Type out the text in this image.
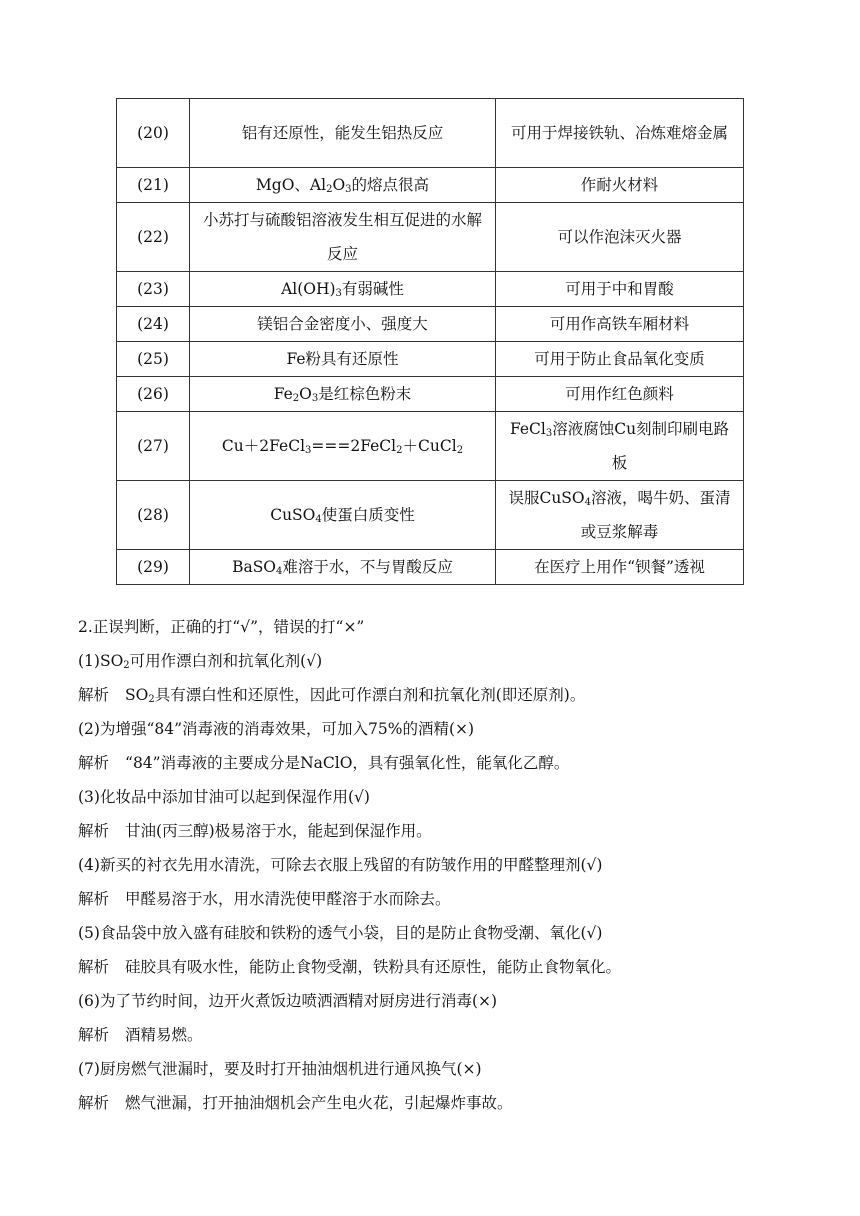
(20)	铝有还原性，能发生铝热反应	可用于焊接铁轨、冶炼难熔金属
(21)	MgO、$Al_2O_3$的熔点很高	作耐火材料
(22)	小苏打与硫酸铝溶液发生相互促进的水解反应	可以作泡沫灭火器
(23)	$Al(OH)_3$有弱碱性	可用于中和胃酸
(24)	镁铝合金密度小、强度大	可用作高铁车厢材料
(25)	Fe粉具有还原性	可用于防止食品氧化变质
(26)	$Fe_2O_3$是红棕色粉末	可用作红色颜料
(27)	Cu＋2FeCl$_3$===2FeCl$_2$＋CuCl$_2$	FeCl$_3$溶液腐蚀Cu刻制印刷电路板
(28)	CuSO$_4$使蛋白质变性	误服CuSO$_4$溶液，喝牛奶、蛋清或豆浆解毒
(29)	BaSO$_4$难溶于水，不与胃酸反应	在医疗上用作“钡餐”透视
2.正误判断，正确的打“√”，错误的打“×”
$(1)SO_2$可用作漂白剂和抗氧化剂(√)
解析 $SO_2$具有漂白性和还原性，因此可作漂白剂和抗氧化剂(即还原剂)。
(2)为增强“84”消毒液的消毒效果，可加入75%的酒精(×)
解析 “84”消毒液的主要成分是NaClO，具有强氧化性，能氧化乙醇。
(3)化妆品中添加甘油可以起到保湿作用(√)
解析 甘油(丙三醇)极易溶于水，能起到保湿作用。
(4)新买的衬衣先用水清洗，可除去衣服上残留的有防皱作用的甲醛整理剂(√)
解析 甲醛易溶于水，用水清洗使甲醛溶于水而除去。
(5)食品袋中放入盛有硅胶和铁粉的透气小袋，目的是防止食物受潮、氧化(√)
解析 硅胶具有吸水性，能防止食物受潮，铁粉具有还原性，能防止食物氧化。
(6)为了节约时间，边开火煮饭边喷洒酒精对厨房进行消毒(×)
解析 酒精易燃。
(7)厨房燃气泄漏时，要及时打开抽油烟机进行通风换气(×)
解析 燃气泄漏，打开抽油烟机会产生电火花，引起爆炸事故。
